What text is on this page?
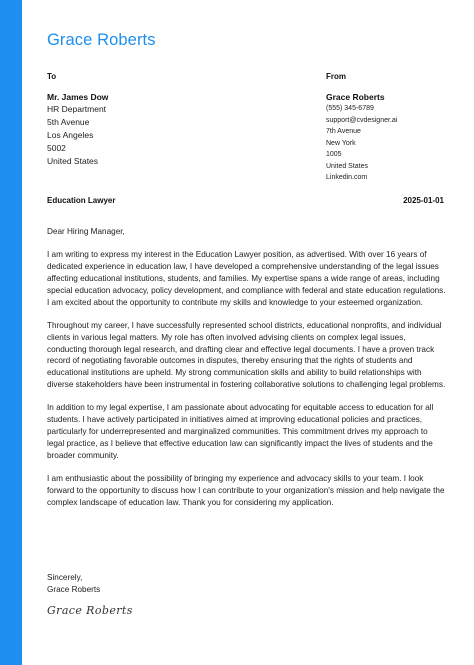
Grace Roberts
To
Mr. James Dow
HR Department
5th Avenue
Los Angeles
5002
United States
From
Grace Roberts
(555) 345-6789
support@cvdesigner.ai
7th Avenue
New York
1005
United States
Linkedin.com
Education Lawyer	2025-01-01

Dear Hiring Manager,

I am writing to express my interest in the Education Lawyer position, as advertised. With over 16 years of dedicated experience in education law, I have developed a comprehensive understanding of the legal issues affecting educational institutions, students, and families. My expertise spans a wide range of areas, including special education advocacy, policy development, and compliance with federal and state education regulations. I am excited about the opportunity to contribute my skills and knowledge to your esteemed organization.

Throughout my career, I have successfully represented school districts, educational nonprofits, and individual clients in various legal matters. My role has often involved advising clients on complex legal issues, conducting thorough legal research, and drafting clear and effective legal documents. I have a proven track record of negotiating favorable outcomes in disputes, thereby ensuring that the rights of students and educational institutions are upheld. My strong communication skills and ability to build relationships with diverse stakeholders have been instrumental in fostering collaborative solutions to challenging legal problems.

In addition to my legal expertise, I am passionate about advocating for equitable access to education for all students. I have actively participated in initiatives aimed at improving educational policies and practices, particularly for underrepresented and marginalized communities. This commitment drives my approach to legal practice, as I believe that effective education law can significantly impact the lives of students and the broader community.

I am enthusiastic about the possibility of bringing my experience and advocacy skills to your team. I look forward to the opportunity to discuss how I can contribute to your organization's mission and help navigate the complex landscape of education law. Thank you for considering my application.

Sincerely,
Grace Roberts
Grace Roberts
